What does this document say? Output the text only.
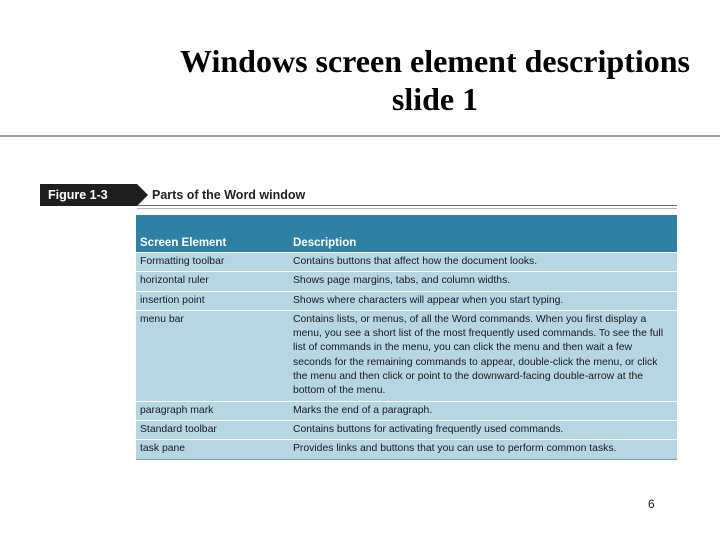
Windows screen element descriptions slide 1
Figure 1-3	Parts of the Word window
Screen Element	Description
Formatting toolbar	Contains buttons that affect how the document looks.
horizontal ruler	Shows page margins, tabs, and column widths.
insertion point	Shows where characters will appear when you start typing.
menu bar	Contains lists, or menus, of all the Word commands. When you first display a menu, you see a short list of the most frequently used commands. To see the full list of commands in the menu, you can click the menu and then wait a few seconds for the remaining commands to appear, double-click the menu, or click the menu and then click or point to the downward-facing double-arrow at the bottom of the menu.
paragraph mark	Marks the end of a paragraph.
Standard toolbar	Contains buttons for activating frequently used commands.
task pane	Provides links and buttons that you can use to perform common tasks.
6
